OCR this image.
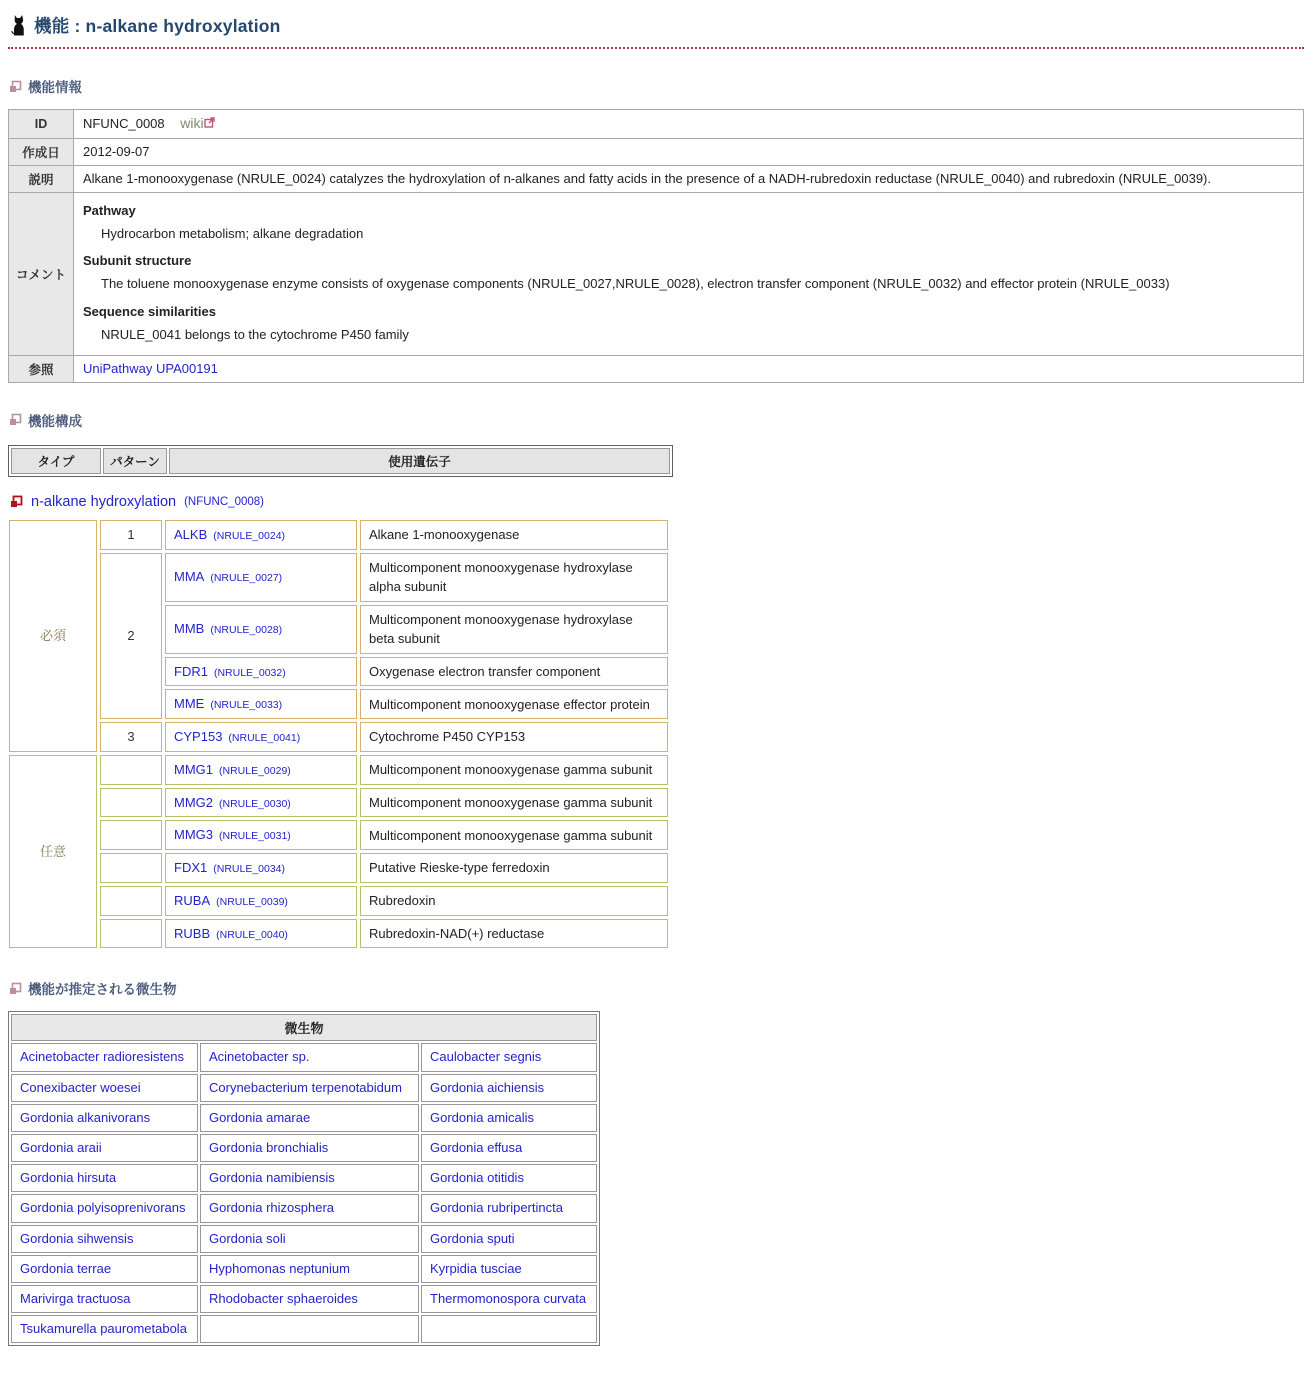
機能 : n-alkane hydroxylation
機能情報
ID	NFUNC_0008 wiki

作成日	2012-09-07
説明	Alkane 1-monooxygenase (NRULE_0024) catalyzes the hydroxylation of n-alkanes and fatty acids in the presence of a NADH-rubredoxin reductase (NRULE_0040) and rubredoxin (NRULE_0039).
コメント	
Pathway
Hydrocarbon metabolism; alkane degradation
Subunit structure
The toluene monooxygenase enzyme consists of oxygenase components (NRULE_0027,NRULE_0028), electron transfer component (NRULE_0032) and effector protein (NRULE_0033)
Sequence similarities
NRULE_0041 belongs to the cytochrome P450 family

参照	UniPathway UPA00191
機能構成
タイプ	パターン	使用遺伝子
n-alkane hydroxylation (NFUNC_0008)
必須	1	ALKB (NRULE_0024)	Alkane 1-monooxygenase
	2	MMA (NRULE_0027)	Multicomponent monooxygenase hydroxylase alpha subunit
		MMB (NRULE_0028)	Multicomponent monooxygenase hydroxylase beta subunit
		FDR1 (NRULE_0032)	Oxygenase electron transfer component
		MME (NRULE_0033)	Multicomponent monooxygenase effector protein
	3	CYP153 (NRULE_0041)	Cytochrome P450 CYP153
任意		MMG1 (NRULE_0029)	Multicomponent monooxygenase gamma subunit
		MMG2 (NRULE_0030)	Multicomponent monooxygenase gamma subunit
		MMG3 (NRULE_0031)	Multicomponent monooxygenase gamma subunit
		FDX1 (NRULE_0034)	Putative Rieske-type ferredoxin
		RUBA (NRULE_0039)	Rubredoxin
		RUBB (NRULE_0040)	Rubredoxin-NAD(+) reductase
機能が推定される微生物
微生物		
Acinetobacter radioresistens	Acinetobacter sp.	Caulobacter segnis
Conexibacter woesei	Corynebacterium terpenotabidum	Gordonia aichiensis
Gordonia alkanivorans	Gordonia amarae	Gordonia amicalis
Gordonia araii	Gordonia bronchialis	Gordonia effusa
Gordonia hirsuta	Gordonia namibiensis	Gordonia otitidis
Gordonia polyisoprenivorans	Gordonia rhizosphera	Gordonia rubripertincta
Gordonia sihwensis	Gordonia soli	Gordonia sputi
Gordonia terrae	Hyphomonas neptunium	Kyrpidia tusciae
Marivirga tractuosa	Rhodobacter sphaeroides	Thermomonospora curvata
Tsukamurella paurometabola		
